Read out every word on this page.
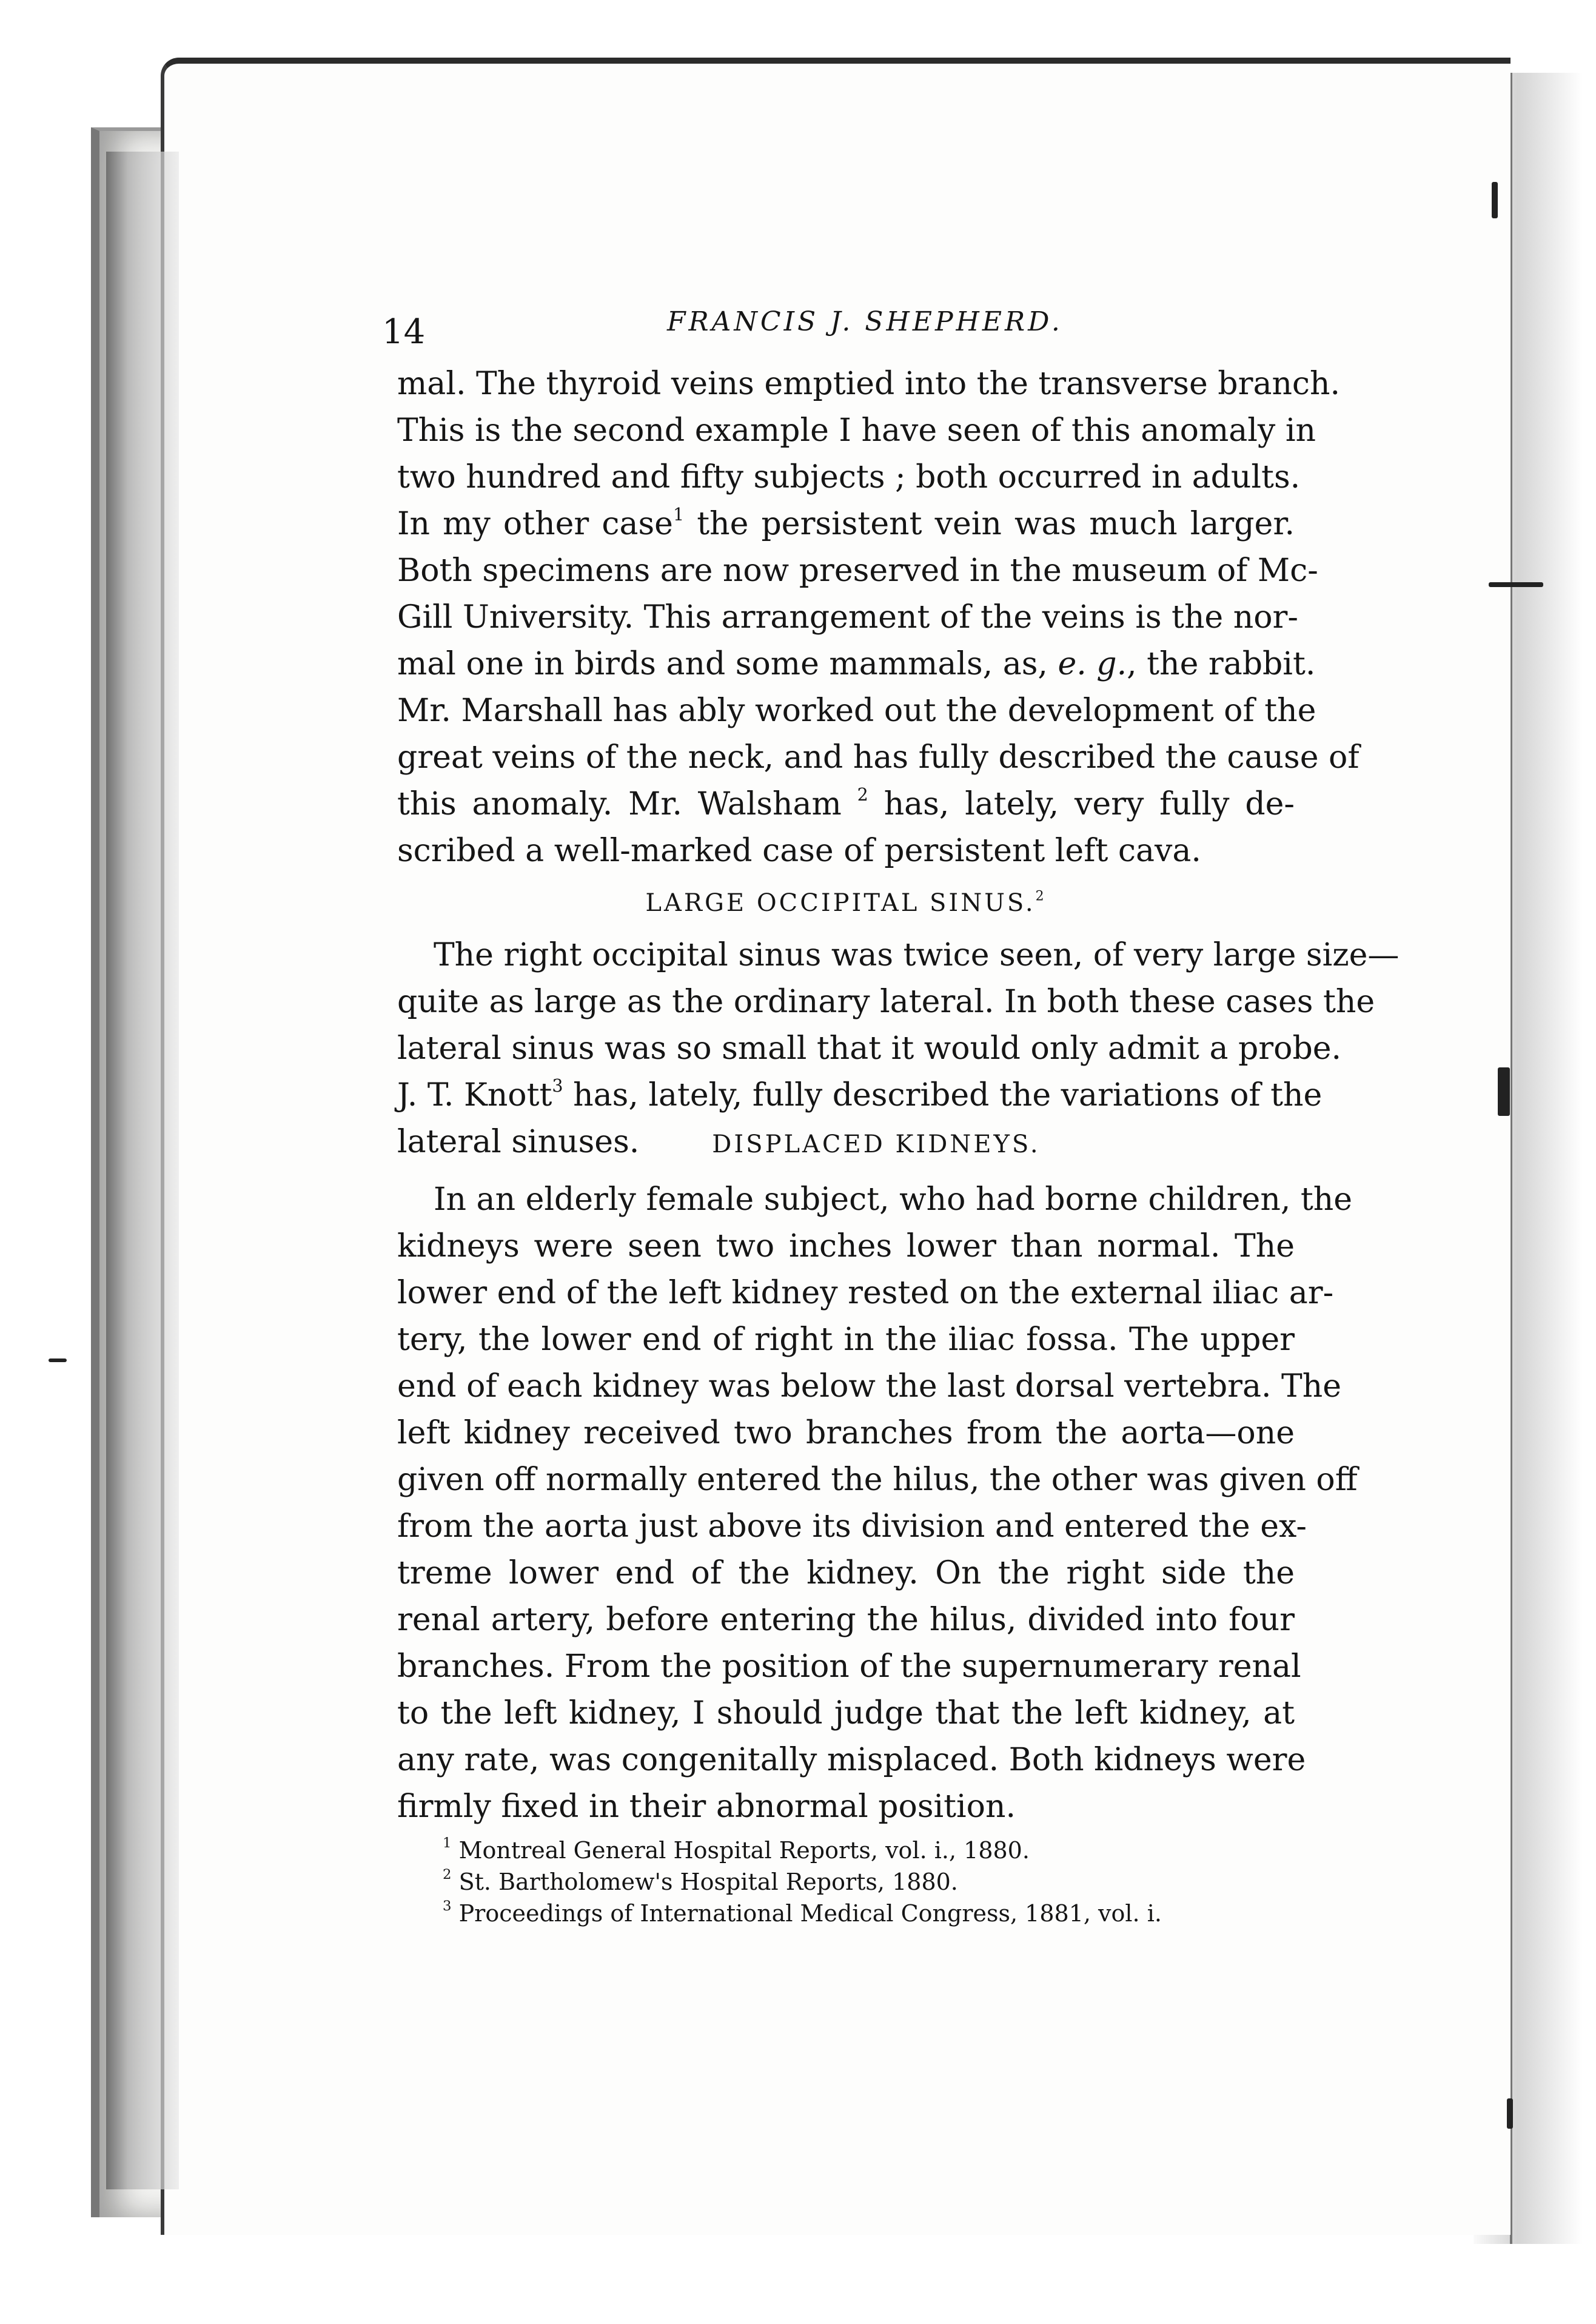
14	FRANCIS J. SHEPHERD.
mal. The thyroid veins emptied into the transverse branch.
This is the second example I have seen of this anomaly in
two hundred and fifty subjects ; both occurred in adults.
In my other case$^1$ the persistent vein was much larger.
Both specimens are now preserved in the museum of Mc-
Gill University. This arrangement of the veins is the nor-
mal one in birds and some mammals, as, e. g., the rabbit.
Mr. Marshall has ably worked out the development of the
great veins of the neck, and has fully described the cause of
this anomaly. Mr. Walsham $^2$ has, lately, very fully de-
scribed a well-marked case of persistent left cava.
LARGE OCCIPITAL SINUS.$^2$
The right occipital sinus was twice seen, of very large size—
quite as large as the ordinary lateral. In both these cases the
lateral sinus was so small that it would only admit a probe.
J. T. Knott$^3$ has, lately, fully described the variations of the
lateral sinuses.	DISPLACED KIDNEYS.
In an elderly female subject, who had borne children, the
kidneys were seen two inches lower than normal. The
lower end of the left kidney rested on the external iliac ar-
tery, the lower end of right in the iliac fossa. The upper
end of each kidney was below the last dorsal vertebra. The
left kidney received two branches from the aorta—one
given off normally entered the hilus, the other was given off
from the aorta just above its division and entered the ex-
treme lower end of the kidney. On the right side the
renal artery, before entering the hilus, divided into four
branches. From the position of the supernumerary renal
to the left kidney, I should judge that the left kidney, at
any rate, was congenitally misplaced. Both kidneys were
firmly fixed in their abnormal position.
$^1$ Montreal General Hospital Reports, vol. i., 1880.
$^2$ St. Bartholomew's Hospital Reports, 1880.
$^3$ Proceedings of International Medical Congress, 1881, vol. i.
